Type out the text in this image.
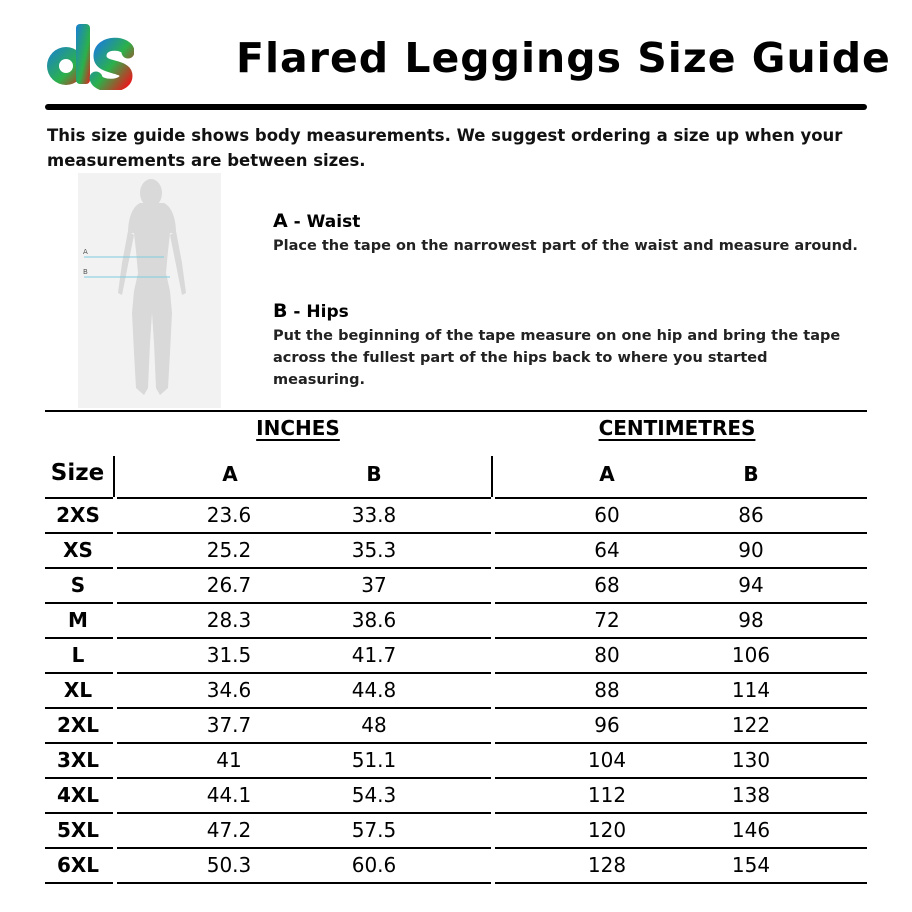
Flared Leggings Size Guide
This size guide shows body measurements. We suggest ordering a size up when your measurements are between sizes.
A
B
A - Waist
Place the tape on the narrowest part of the waist and measure around.
B - Hips
Put the beginning of the tape measure on one hip and bring the tape across the fullest part of the hips back to where you started measuring.
INCHES	CENTIMETRES
Size	A	B	A	B
2XS	23.6	33.8	60	86
XS	25.2	35.3	64	90
S	26.7	37	68	94
M	28.3	38.6	72	98
L	31.5	41.7	80	106
XL	34.6	44.8	88	114
2XL	37.7	48	96	122
3XL	41	51.1	104	130
4XL	44.1	54.3	112	138
5XL	47.2	57.5	120	146
6XL	50.3	60.6	128	154
